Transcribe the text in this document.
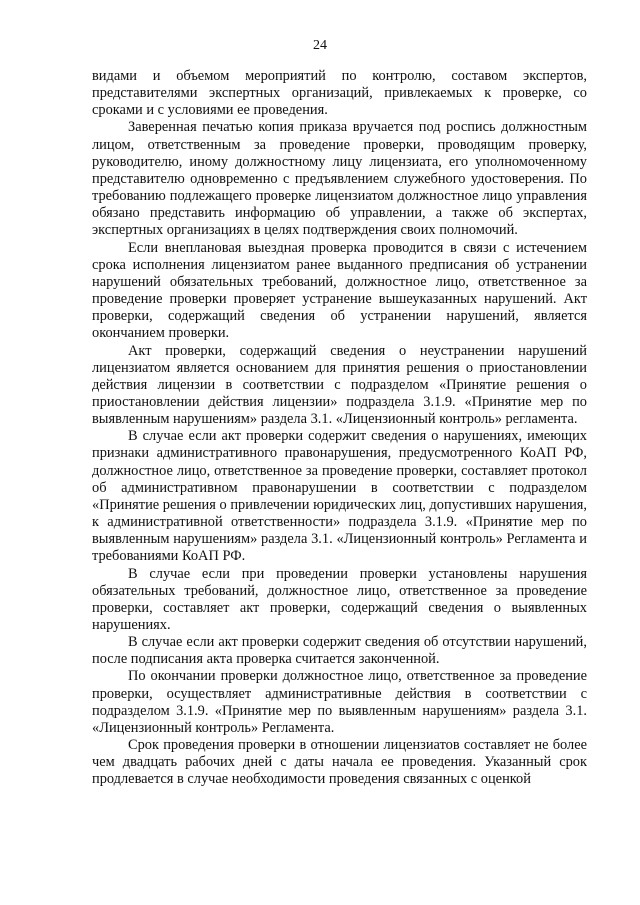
24

видами и объемом мероприятий по контролю, составом экспертов, представителями экспертных организаций, привлекаемых к проверке, со сроками и с условиями ее проведения.

Заверенная печатью копия приказа вручается под роспись должностным лицом, ответственным за проведение проверки, проводящим проверку, руководителю, иному должностному лицу лицензиата, его уполномоченному представителю одновременно с предъявлением служебного удостоверения. По требованию подлежащего проверке лицензиатом должностное лицо управления обязано представить информацию об управлении, а также об экспертах, экспертных организациях в целях подтверждения своих полномочий.

Если внеплановая выездная проверка проводится в связи с истечением срока исполнения лицензиатом ранее выданного предписания об устранении нарушений обязательных требований, должностное лицо, ответственное за проведение проверки проверяет устранение вышеуказанных нарушений. Акт проверки, содержащий сведения об устранении нарушений, является окончанием проверки.

Акт проверки, содержащий сведения о неустранении нарушений лицензиатом является основанием для принятия решения о приостановлении действия лицензии в соответствии с подразделом «Принятие решения о приостановлении действия лицензии» подраздела 3.1.9. «Принятие мер по выявленным нарушениям» раздела 3.1. «Лицензионный контроль» регламента.

В случае если акт проверки содержит сведения о нарушениях, имеющих признаки административного правонарушения, предусмотренного КоАП РФ, должностное лицо, ответственное за проведение проверки, составляет протокол об административном правонарушении в соответствии с подразделом «Принятие решения о привлечении юридических лиц, допустивших нарушения, к административной ответственности» подраздела 3.1.9. «Принятие мер по выявленным нарушениям» раздела 3.1. «Лицензионный контроль» Регламента и требованиями КоАП РФ.

В случае если при проведении проверки установлены нарушения обязательных требований, должностное лицо, ответственное за проведение проверки, составляет акт проверки, содержащий сведения о выявленных нарушениях.

В случае если акт проверки содержит сведения об отсутствии нарушений, после подписания акта проверка считается законченной.

По окончании проверки должностное лицо, ответственное за проведение проверки, осуществляет административные действия в соответствии с подразделом 3.1.9. «Принятие мер по выявленным нарушениям» раздела 3.1. «Лицензионный контроль» Регламента.

Срок проведения проверки в отношении лицензиатов составляет не более чем двадцать рабочих дней с даты начала ее проведения. Указанный срок продлевается в случае необходимости проведения связанных с оценкой
